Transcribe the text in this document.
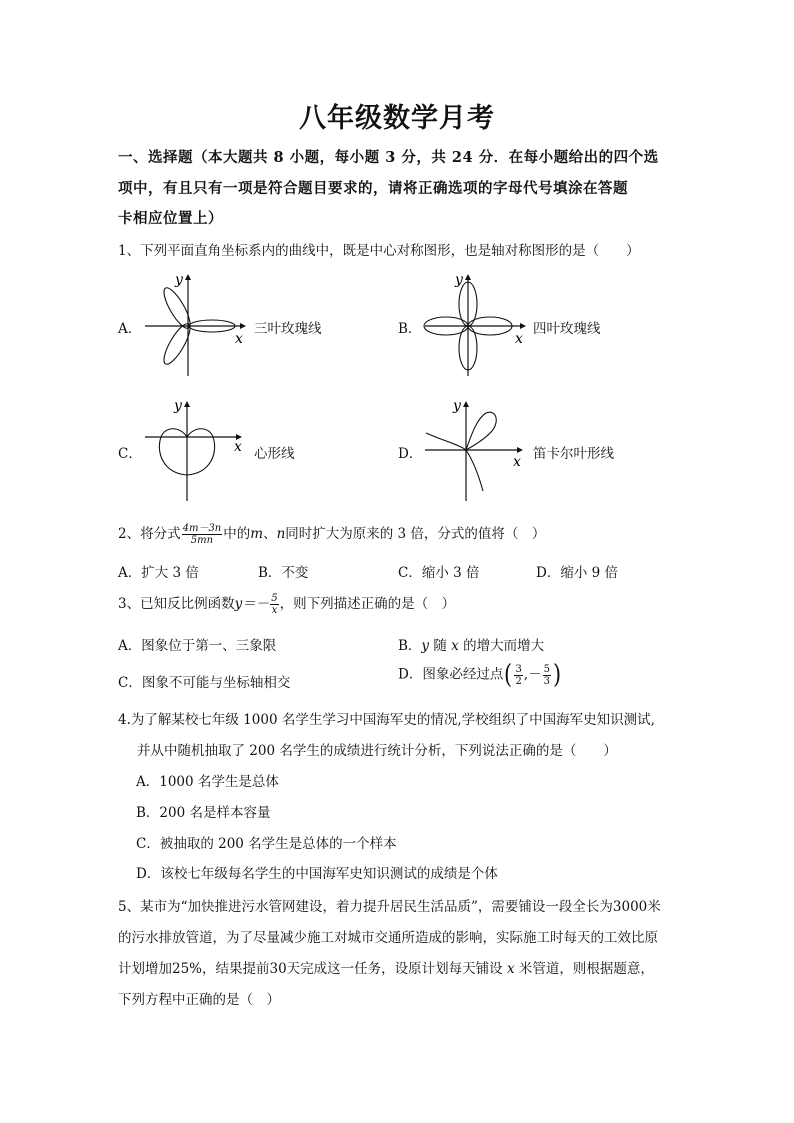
八年级数学月考
一、选择题（本大题共 8 小题，每小题 3 分，共 24 分．在每小题给出的四个选
项中，有且只有一项是符合题目要求的，请将正确选项的字母代号填涂在答题
卡相应位置上）
1、下列平面直角坐标系内的曲线中，既是中心对称图形，也是轴对称图形的是（　　）
A．
y
x
三叶玫瑰线	B．
y
x
四叶玫瑰线
C．
y
x 心形线	D．
y
x 笛卡尔叶形线
2、将分式 $\frac{4m-3n}{5mn}$ 中的m、n同时扩大为原来的 3 倍，分式的值将（　）
A．扩大 3 倍	B．不变	C．缩小 3 倍	D．缩小 9 倍
3、已知反比例函数$y=- \frac{5}{x}$ ，则下列描述正确的是（　）
A．图象位于第一、三象限	B．y 随 x 的增大而增大
C．图象不可能与坐标轴相交
D．图象必经过点( $\frac{3}{2}$ ,－ $\frac{5}{3}$ )
4.为了解某校七年级 1000 名学生学习中国海军史的情况,学校组织了中国海军史知识测试,
并从中随机抽取了 200 名学生的成绩进行统计分析，下列说法正确的是（　　）
A．1000 名学生是总体
B．200 名是样本容量
C．被抽取的 200 名学生是总体的一个样本
D．该校七年级每名学生的中国海军史知识测试的成绩是个体
5、某市为“加快推进污水管网建设，着力提升居民生活品质”，需要铺设一段全长为3000米
的污水排放管道，为了尽量减少施工对城市交通所造成的影响，实际施工时每天的工效比原
计划增加25%，结果提前30天完成这一任务，设原计划每天铺设 x 米管道，则根据题意，
下列方程中正确的是（　）
